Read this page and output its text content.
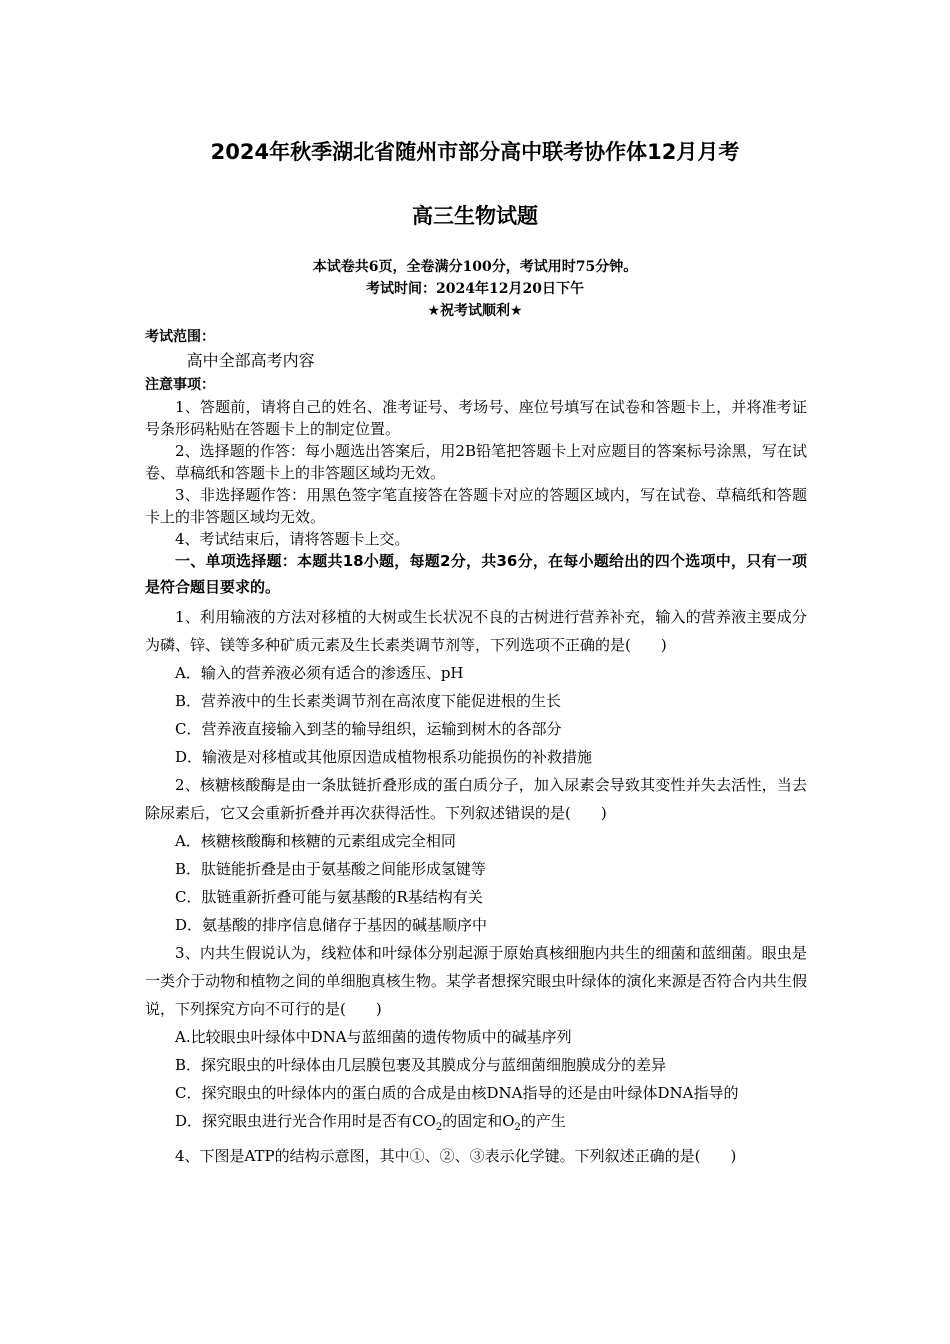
2024年秋季湖北省随州市部分高中联考协作体12月月考
高三生物试题
本试卷共6页，全卷满分100分，考试用时75分钟。
考试时间：2024年12月20日下午
★祝考试顺利★
考试范围：
高中全部高考内容
注意事项：

1、答题前，请将自己的姓名、准考证号、考场号、座位号填写在试卷和答题卡上，并将准考证号条形码粘贴在答题卡上的制定位置。

2、选择题的作答：每小题选出答案后，用2B铅笔把答题卡上对应题目的答案标号涂黑，写在试卷、草稿纸和答题卡上的非答题区域均无效。

3、非选择题作答：用黑色签字笔直接答在答题卡对应的答题区域内，写在试卷、草稿纸和答题卡上的非答题区域均无效。

4、考试结束后，请将答题卡上交。

一、单项选择题：本题共18小题，每题2分，共36分，在每小题给出的四个选项中，只有一项是符合题目要求的。

1、利用输液的方法对移植的大树或生长状况不良的古树进行营养补充，输入的营养液主要成分为磷、锌、镁等多种矿质元素及生长素类调节剂等，下列选项不正确的是(　　)

A．输入的营养液必须有适合的渗透压、pH

B．营养液中的生长素类调节剂在高浓度下能促进根的生长

C．营养液直接输入到茎的输导组织，运输到树木的各部分

D．输液是对移植或其他原因造成植物根系功能损伤的补救措施

2、核糖核酸酶是由一条肽链折叠形成的蛋白质分子，加入尿素会导致其变性并失去活性，当去除尿素后，它又会重新折叠并再次获得活性。下列叙述错误的是(　　)

A．核糖核酸酶和核糖的元素组成完全相同

B．肽链能折叠是由于氨基酸之间能形成氢键等

C．肽链重新折叠可能与氨基酸的R基结构有关

D．氨基酸的排序信息储存于基因的碱基顺序中

3、内共生假说认为，线粒体和叶绿体分别起源于原始真核细胞内共生的细菌和蓝细菌。眼虫是一类介于动物和植物之间的单细胞真核生物。某学者想探究眼虫叶绿体的演化来源是否符合内共生假说，下列探究方向不可行的是(　　)

A.比较眼虫叶绿体中DNA与蓝细菌的遗传物质中的碱基序列

B．探究眼虫的叶绿体由几层膜包裹及其膜成分与蓝细菌细胞膜成分的差异

C．探究眼虫的叶绿体内的蛋白质的合成是由核DNA指导的还是由叶绿体DNA指导的

D．探究眼虫进行光合作用时是否有$CO_2$的固定和$O_2$的产生

4、下图是ATP的结构示意图，其中①、②、③表示化学键。下列叙述正确的是(　　)
